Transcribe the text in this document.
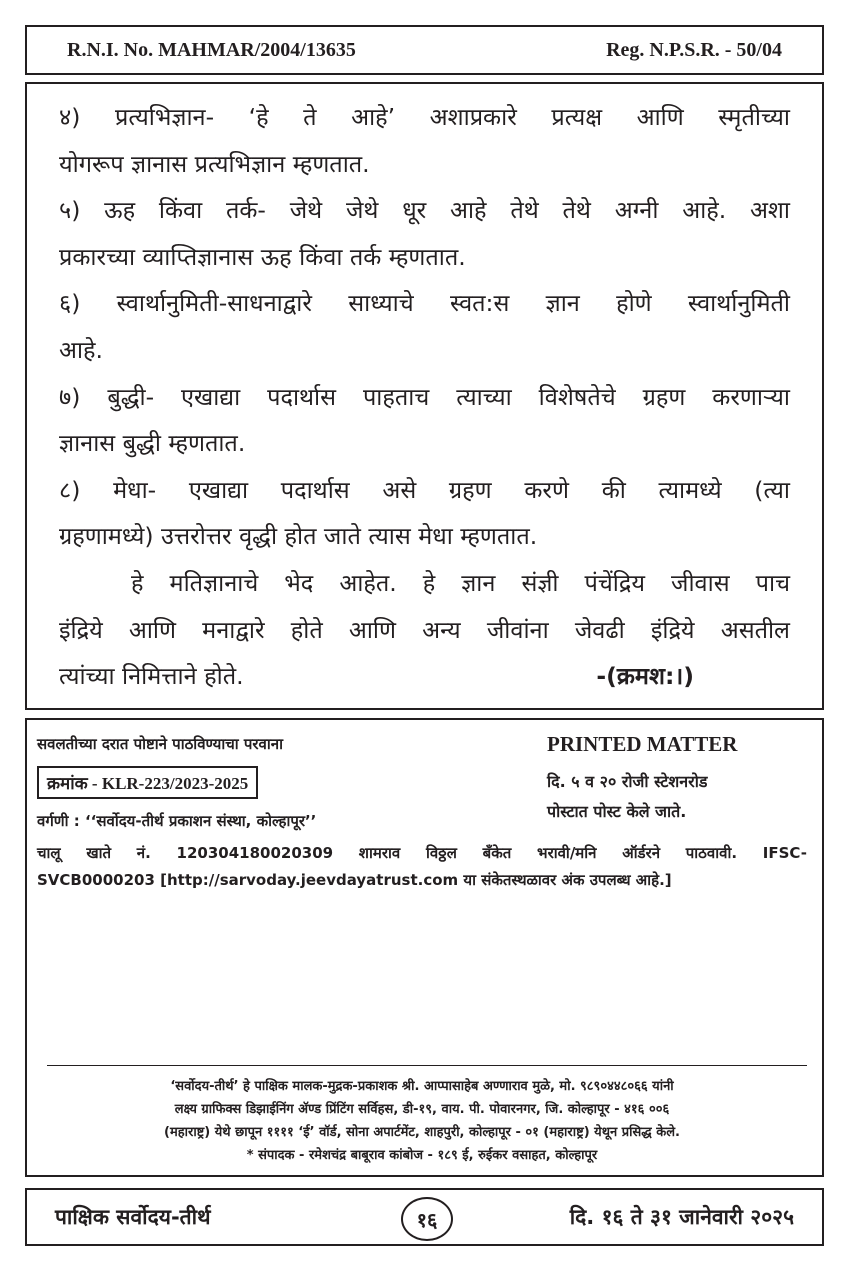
R.N.I. No. MAHMAR/2004/13635	Reg. N.P.S.R. - 50/04

४) प्रत्यभिज्ञान- ‘हे ते आहे’ अशाप्रकारे प्रत्यक्ष आणि स्मृतीच्या

योगरूप ज्ञानास प्रत्यभिज्ञान म्हणतात.

५) ऊह किंवा तर्क- जेथे जेथे धूर आहे तेथे तेथे अग्नी आहे. अशा

प्रकारच्या व्याप्तिज्ञानास ऊह किंवा तर्क म्हणतात.

६) स्वार्थानुमिती-साधनाद्वारे साध्याचे स्वत:स ज्ञान होणे स्वार्थानुमिती

आहे.

७) बुद्धी- एखाद्या पदार्थास पाहताच त्याच्या विशेषतेचे ग्रहण करणाऱ्या

ज्ञानास बुद्धी म्हणतात.

८) मेधा- एखाद्या पदार्थास असे ग्रहण करणे की त्यामध्ये (त्या

ग्रहणामध्ये) उत्तरोत्तर वृद्धी होत जाते त्यास मेधा म्हणतात.

हे मतिज्ञानाचे भेद आहेत. हे ज्ञान संज्ञी पंचेंद्रिय जीवास पाच

इंद्रिये आणि मनाद्वारे होते आणि अन्य जीवांना जेवढी इंद्रिये असतील

त्यांच्या निमित्ताने होते.	-(क्रमश:।)
सवलतीच्या दरात पोष्टाने पाठविण्याचा परवाना
क्रमांक - KLR-223/2023-2025
वर्गणी : ‘‘सर्वोदय-तीर्थ प्रकाशन संस्था, कोल्हापूर’’
PRINTED MATTER
दि. ५ व २० रोजी स्टेशनरोड
पोस्टात पोस्ट केले जाते.
चालू खाते नं. 120304180020309 शामराव विठ्ठल बँकेत भरावी/मनि ऑर्डरने पाठवावी. IFSC-
SVCB0000203 [http://sarvoday.jeevdayatrust.com या संकेतस्थळावर अंक उपलब्ध आहे.]
‘सर्वोदय-तीर्थ’ हे पाक्षिक मालक-मुद्रक-प्रकाशक श्री. आप्पासाहेब अण्णाराव मुळे, मो. ९८९०४४८०६६ यांनी
लक्ष्य ग्राफिक्स डिझाईनिंग ॲण्ड प्रिंटिंग सर्विहस, डी-१९, वाय. पी. पोवारनगर, जि. कोल्हापूर - ४१६ ००६
(महाराष्ट्र) येथे छापून ११११ ‘ई’ वॉर्ड, सोना अपार्टमेंट, शाहपुरी, कोल्हापूर - ०१ (महाराष्ट्र) येथून प्रसिद्ध केले.
* संपादक - रमेशचंद्र बाबूराव कांबोज - १८९ ई, रुईकर वसाहत, कोल्हापूर
पाक्षिक सर्वोदय-तीर्थ	१६	दि. १६ ते ३१ जानेवारी २०२५
